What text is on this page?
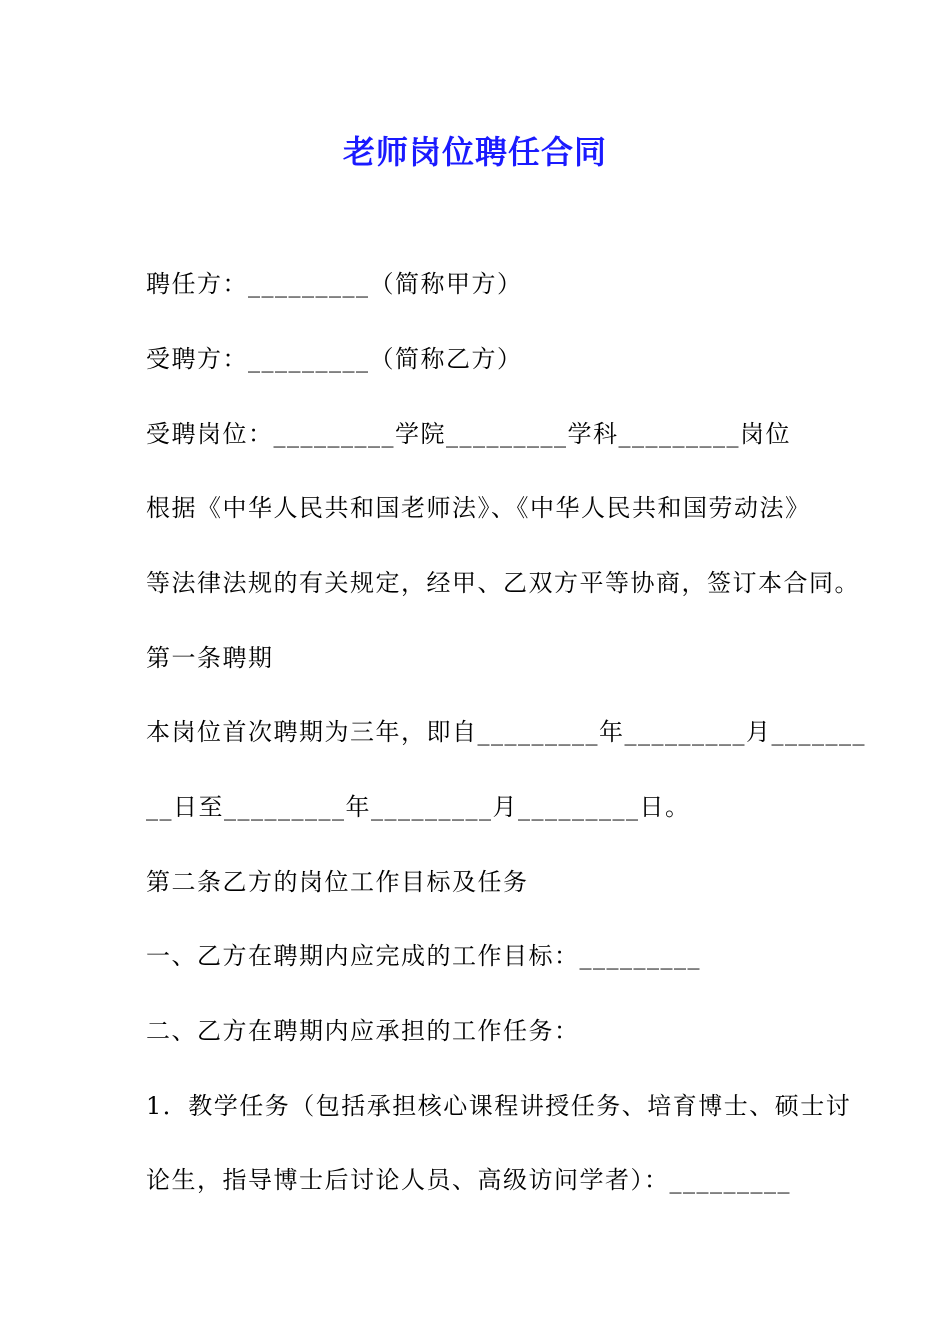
老师岗位聘任合同
聘任方：_________（简称甲方）
受聘方：_________（简称乙方）
受聘岗位：_________学院_________学科_________岗位
根据《中华人民共和国老师法》、《中华人民共和国劳动法》
等法律法规的有关规定，经甲、乙双方平等协商，签订本合同。
第一条聘期
本岗位首次聘期为三年，即自_________年_________月_______
__日至_________年_________月_________日。
第二条乙方的岗位工作目标及任务
一、乙方在聘期内应完成的工作目标：_________
二、乙方在聘期内应承担的工作任务：
1．教学任务（包括承担核心课程讲授任务、培育博士、硕士讨
论生，指导博士后讨论人员、高级访问学者）：_________
